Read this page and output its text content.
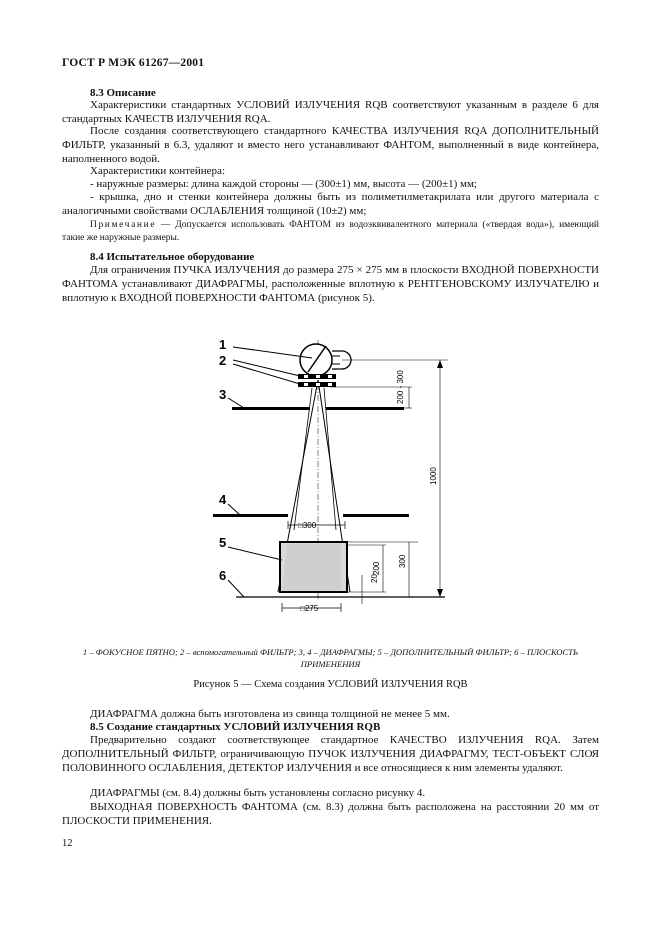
ГОСТ Р МЭК 61267—2001
8.3 Описание
Характеристики стандартных УСЛОВИЙ ИЗЛУЧЕНИЯ RQB соответствуют указанным в разделе 6 для стандартных КАЧЕСТВ ИЗЛУЧЕНИЯ RQA.
После создания соответствующего стандартного КАЧЕСТВА ИЗЛУЧЕНИЯ RQA ДОПОЛНИТЕЛЬНЫЙ ФИЛЬТР, указанный в 6.3, удаляют и вместо него устанавливают ФАНТОМ, выполненный в виде контейнера, наполненного водой.
Характеристики контейнера:
- наружные размеры: длина каждой стороны — (300±1) мм, высота — (200±1) мм;
- крышка, дно и стенки контейнера должны быть из полиметилметакрилата или другого материала с аналогичными свойствами ОСЛАБЛЕНИЯ толщиной (10±2) мм;
Примечание — Допускается использовать ФАНТОМ из водоэквивалентного материала («твердая вода»), имеющий такие же наружные размеры.
8.4 Испытательное оборудование
Для ограничения ПУЧКА ИЗЛУЧЕНИЯ до размера 275 × 275 мм в плоскости ВХОДНОЙ ПОВЕРХНОСТИ ФАНТОМА устанавливают ДИАФРАГМЫ, расположенные вплотную к РЕНТГЕНОВСКОМУ ИЗЛУЧАТЕЛЮ и вплотную к ВХОДНОЙ ПОВЕРХНОСТИ ФАНТОМА (рисунок 5).
1
2
3
4
5
6
200 - 300
1000
300
200
20
□300
□275
1 – ФОКУСНОЕ ПЯТНО; 2 – вспомогательный ФИЛЬТР; 3, 4 – ДИАФРАГМЫ; 5 – ДОПОЛНИТЕЛЬНЫЙ ФИЛЬТР; 6 – ПЛОСКОСТЬ ПРИМЕНЕНИЯ
Рисунок 5 — Схема создания УСЛОВИЙ ИЗЛУЧЕНИЯ RQB
ДИАФРАГМА должна быть изготовлена из свинца толщиной не менее 5 мм.
8.5 Создание стандартных УСЛОВИЙ ИЗЛУЧЕНИЯ RQB
Предварительно создают соответствующее стандартное КАЧЕСТВО ИЗЛУЧЕНИЯ RQA. Затем ДОПОЛНИТЕЛЬНЫЙ ФИЛЬТР, ограничивающую ПУЧОК ИЗЛУЧЕНИЯ ДИАФРАГМУ, ТЕСТ-ОБЪЕКТ СЛОЯ ПОЛОВИННОГО ОСЛАБЛЕНИЯ, ДЕТЕКТОР ИЗЛУЧЕНИЯ и все относящиеся к ним элементы удаляют.
ДИАФРАГМЫ (см. 8.4) должны быть установлены согласно рисунку 4.
ВЫХОДНАЯ ПОВЕРХНОСТЬ ФАНТОМА (см. 8.3) должна быть расположена на расстоянии 20 мм от ПЛОСКОСТИ ПРИМЕНЕНИЯ.
12
